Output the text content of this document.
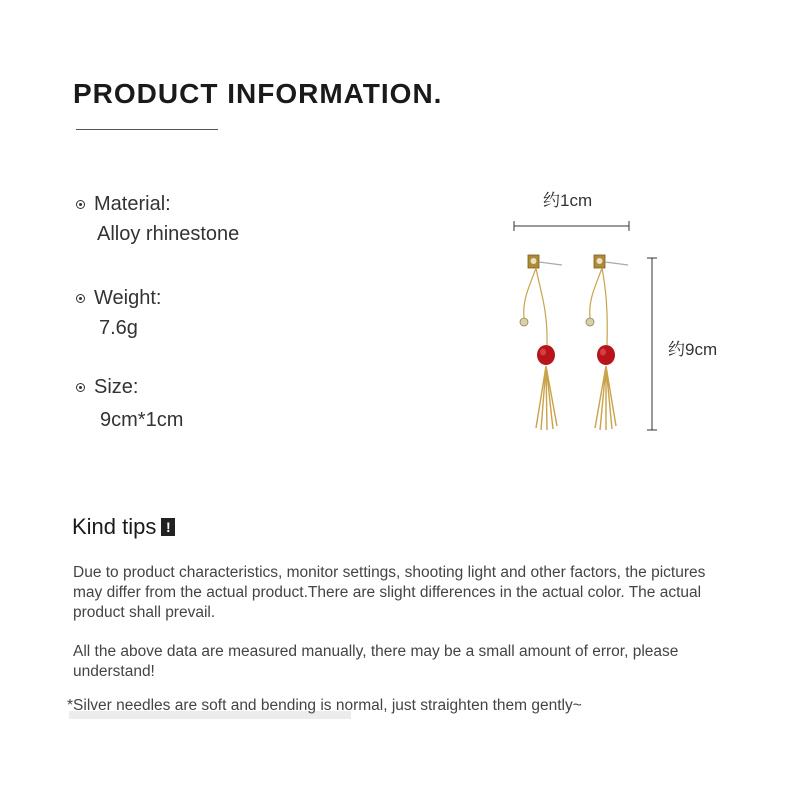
PRODUCT INFORMATION.
Material:
Alloy rhinestone
Weight:
7.6g
Size:
9cm*1cm
约1cm
约9cm
Kind tips !
Due to product characteristics, monitor settings, shooting light and other factors, the pictures may differ from the actual product.There are slight differences in the actual color. The actual product shall prevail.
All the above data are measured manually, there may be a small amount of error, please understand!
*Silver needles are soft and bending is normal, just straighten them gently~
